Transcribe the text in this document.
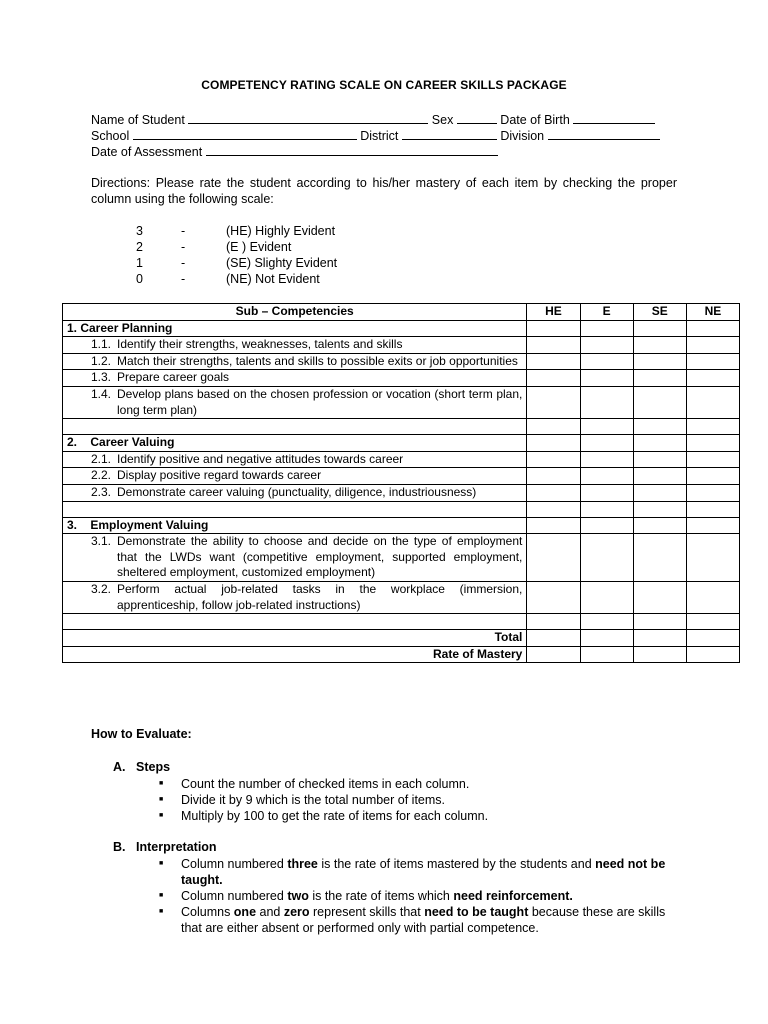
COMPETENCY RATING SCALE ON CAREER SKILLS PACKAGE
Name of Student	Sex	Date of Birth
School	District	Division
Date of Assessment
Directions: Please rate the student according to his/her mastery of each item by checking the proper column using the following scale:
3	-	(HE) Highly Evident
2	-	(E ) Evident
1	-	(SE) Slighty Evident
0	-	(NE) Not Evident
Sub – Competencies	HE	E	SE	NE
1. Career Planning				

1.1. Identify their strengths, weaknesses, talents and skills				

1.2. Match their strengths, talents and skills to possible exits or job opportunities				

1.3. Prepare career goals				

1.4. Develop plans based on the chosen profession or vocation (short term plan, long term plan)				

2. Career Valuing				

2.1. Identify positive and negative attitudes towards career				

2.2. Display positive regard towards career				

2.3. Demonstrate career valuing (punctuality, diligence, industriousness)				

3. Employment Valuing				

3.1. Demonstrate the ability to choose and decide on the type of employment that the LWDs want (competitive employment, supported employment, sheltered employment, customized employment)				

3.2. Perform actual job-related tasks in the workplace (immersion, apprenticeship, follow job-related instructions)				

Total				
Rate of Mastery				
How to Evaluate:
A. Steps
■ Count the number of checked items in each column.
■ Divide it by 9 which is the total number of items.
■ Multiply by 100 to get the rate of items for each column.
B. Interpretation
■ Column numbered three is the rate of items mastered by the students and need not be taught.
■ Column numbered two is the rate of items which need reinforcement.
■ Columns one and zero represent skills that need to be taught because these are skills that are either absent or performed only with partial competence.
